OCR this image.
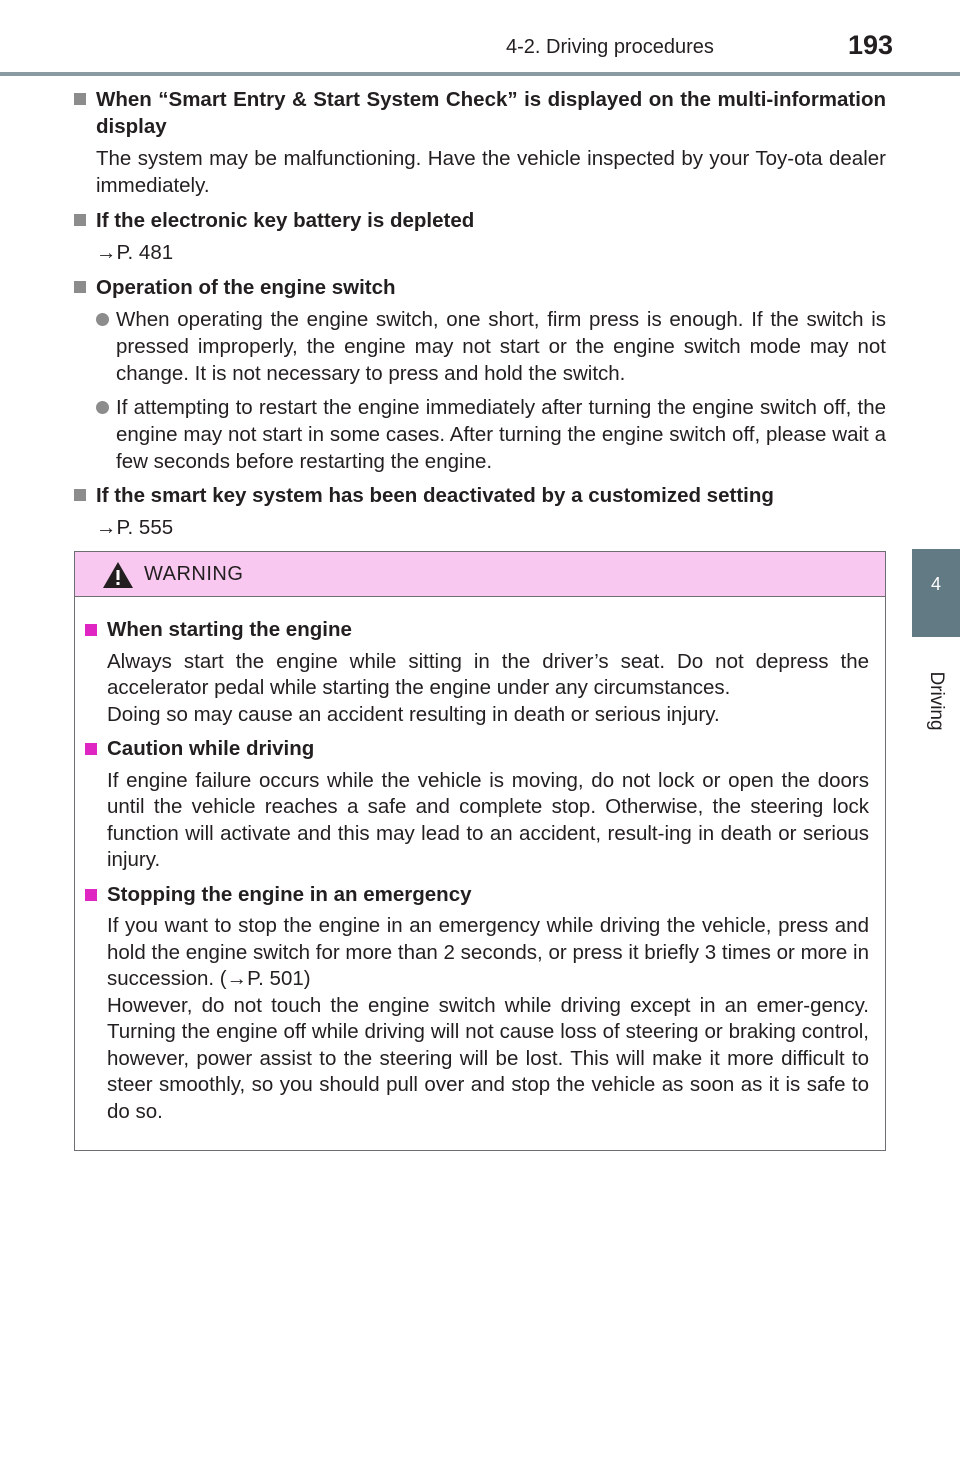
4-2. Driving procedures	193
4
Driving
When “Smart Entry & Start System Check” is displayed on the multi-information display
The system may be malfunctioning. Have the vehicle inspected by your Toy-ota dealer immediately.
If the electronic key battery is depleted
→P. 481
Operation of the engine switch
When operating the engine switch, one short, firm press is enough. If the switch is pressed improperly, the engine may not start or the engine switch mode may not change. It is not necessary to press and hold the switch.
If attempting to restart the engine immediately after turning the engine switch off, the engine may not start in some cases. After turning the engine switch off, please wait a few seconds before restarting the engine.
If the smart key system has been deactivated by a customized setting
→P. 555
WARNING
When starting the engine
Always start the engine while sitting in the driver’s seat. Do not depress the accelerator pedal while starting the engine under any circumstances.
Doing so may cause an accident resulting in death or serious injury.
Caution while driving
If engine failure occurs while the vehicle is moving, do not lock or open the doors until the vehicle reaches a safe and complete stop. Otherwise, the steering lock function will activate and this may lead to an accident, result-ing in death or serious injury.
Stopping the engine in an emergency
If you want to stop the engine in an emergency while driving the vehicle, press and hold the engine switch for more than 2 seconds, or press it briefly 3 times or more in succession. (→P. 501)
However, do not touch the engine switch while driving except in an emer-gency. Turning the engine off while driving will not cause loss of steering or braking control, however, power assist to the steering will be lost. This will make it more difficult to steer smoothly, so you should pull over and stop the vehicle as soon as it is safe to do so.
